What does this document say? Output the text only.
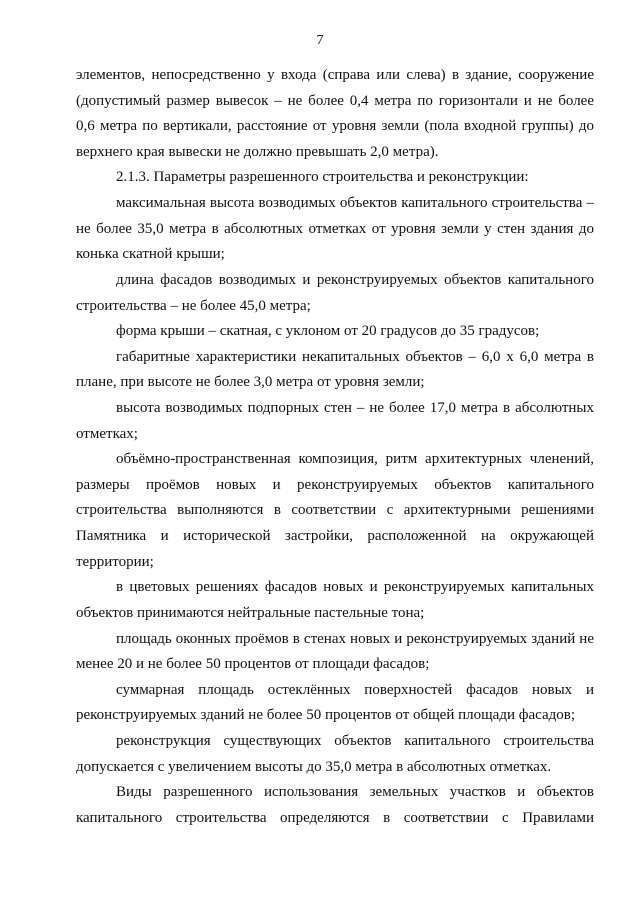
7
элементов, непосредственно у входа (справа или слева) в здание, сооружение
(допустимый размер вывесок – не более 0,4 метра по горизонтали и не более
0,6 метра по вертикали, расстояние от уровня земли (пола входной группы) до
верхнего края вывески не должно превышать 2,0 метра).
2.1.3. Параметры разрешенного строительства и реконструкции:
максимальная высота возводимых объектов капитального строительства –
не более 35,0 метра в абсолютных отметках от уровня земли у стен здания до
конька скатной крыши;
длина фасадов возводимых и реконструируемых объектов капитального
строительства – не более 45,0 метра;
форма крыши – скатная, с уклоном от 20 градусов до 35 градусов;
габаритные характеристики некапитальных объектов – 6,0 х 6,0 метра в
плане, при высоте не более 3,0 метра от уровня земли;
высота возводимых подпорных стен – не более 17,0 метра в абсолютных
отметках;
объёмно-пространственная композиция, ритм архитектурных членений,
размеры проёмов новых и реконструируемых объектов капитального
строительства выполняются в соответствии с архитектурными решениями
Памятника и исторической застройки, расположенной на окружающей
территории;
в цветовых решениях фасадов новых и реконструируемых капитальных
объектов принимаются нейтральные пастельные тона;
площадь оконных проёмов в стенах новых и реконструируемых зданий не
менее 20 и не более 50 процентов от площади фасадов;
суммарная площадь остеклённых поверхностей фасадов новых и
реконструируемых зданий не более 50 процентов от общей площади фасадов;
реконструкция существующих объектов капитального строительства
допускается с увеличением высоты до 35,0 метра в абсолютных отметках.
Виды разрешенного использования земельных участков и объектов
капитального строительства определяются в соответствии с Правилами
